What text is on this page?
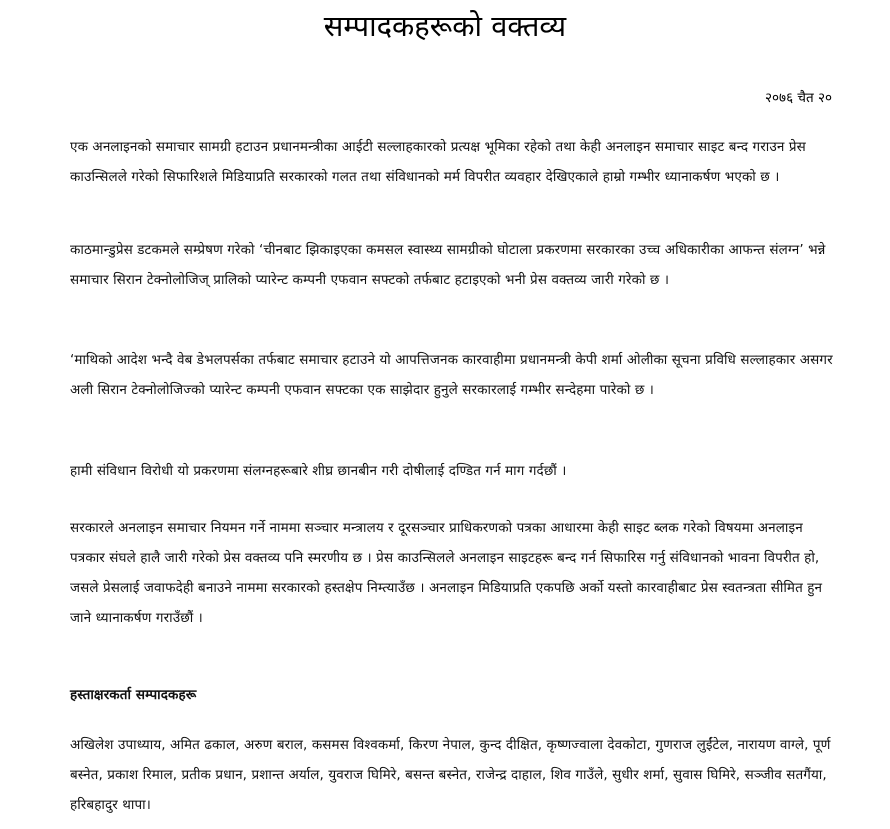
सम्पादकहरूको वक्तव्य
२०७६ चैत २०

एक अनलाइनको समाचार सामग्री हटाउन प्रधानमन्त्रीका आईटी सल्लाहकारको प्रत्यक्ष भूमिका रहेको तथा केही अनलाइन समाचार साइट बन्द गराउन प्रेस काउन्सिलले गरेको सिफारिशले मिडियाप्रति सरकारको गलत तथा संविधानको मर्म विपरीत व्यवहार देखिएकाले हाम्रो गम्भीर ध्यानाकर्षण भएको छ ।

काठमान्डुप्रेस डटकमले सम्प्रेषण गरेको ‘चीनबाट झिकाइएका कमसल स्वास्थ्य सामग्रीको घोटाला प्रकरणमा सरकारका उच्च अधिकारीका आफन्त संलग्न’ भन्ने समाचार सिरान टेक्नोलोजिज् प्रालिको प्यारेन्ट कम्पनी एफवान सफ्टको तर्फबाट हटाइएको भनी प्रेस वक्तव्य जारी गरेको छ ।

‘माथिको आदेश भन्दै वेब डेभलपर्सका तर्फबाट समाचार हटाउने यो आपत्तिजनक कारवाहीमा प्रधानमन्त्री केपी शर्मा ओलीका सूचना प्रविधि सल्लाहकार असगर अली सिरान टेक्नोलोजिज्को प्यारेन्ट कम्पनी एफवान सफ्टका एक साझेदार हुनुले सरकारलाई गम्भीर सन्देहमा पारेको छ ।

हामी संविधान विरोधी यो प्रकरणमा संलग्नहरूबारे शीघ्र छानबीन गरी दोषीलाई दण्डित गर्न माग गर्दछौं ।

सरकारले अनलाइन समाचार नियमन गर्ने नाममा सञ्चार मन्त्रालय र दूरसञ्चार प्राधिकरणको पत्रका आधारमा केही साइट ब्लक गरेको विषयमा अनलाइन पत्रकार संघले हालै जारी गरेको प्रेस वक्तव्य पनि स्मरणीय छ । प्रेस काउन्सिलले अनलाइन साइटहरू बन्द गर्न सिफारिस गर्नु संविधानको भावना विपरीत हो, जसले प्रेसलाई जवाफदेही बनाउने नाममा सरकारको हस्तक्षेप निम्त्याउँछ । अनलाइन मिडियाप्रति एकपछि अर्को यस्तो कारवाहीबाट प्रेस स्वतन्त्रता सीमित हुन जाने ध्यानाकर्षण गराउँछौं ।

हस्ताक्षरकर्ता सम्पादकहरू

अखिलेश उपाध्याय, अमित ढकाल, अरुण बराल, कसमस विश्वकर्मा, किरण नेपाल, कुन्द दीक्षित, कृष्णज्वाला देवकोटा, गुणराज लुईंटेल, नारायण वाग्ले, पूर्ण बस्नेत, प्रकाश रिमाल, प्रतीक प्रधान, प्रशान्त अर्याल, युवराज घिमिरे, बसन्त बस्नेत, राजेन्द्र दाहाल, शिव गाउँले, सुधीर शर्मा, सुवास घिमिरे, सञ्जीव सतगैंया, हरिबहादुर थापा।
